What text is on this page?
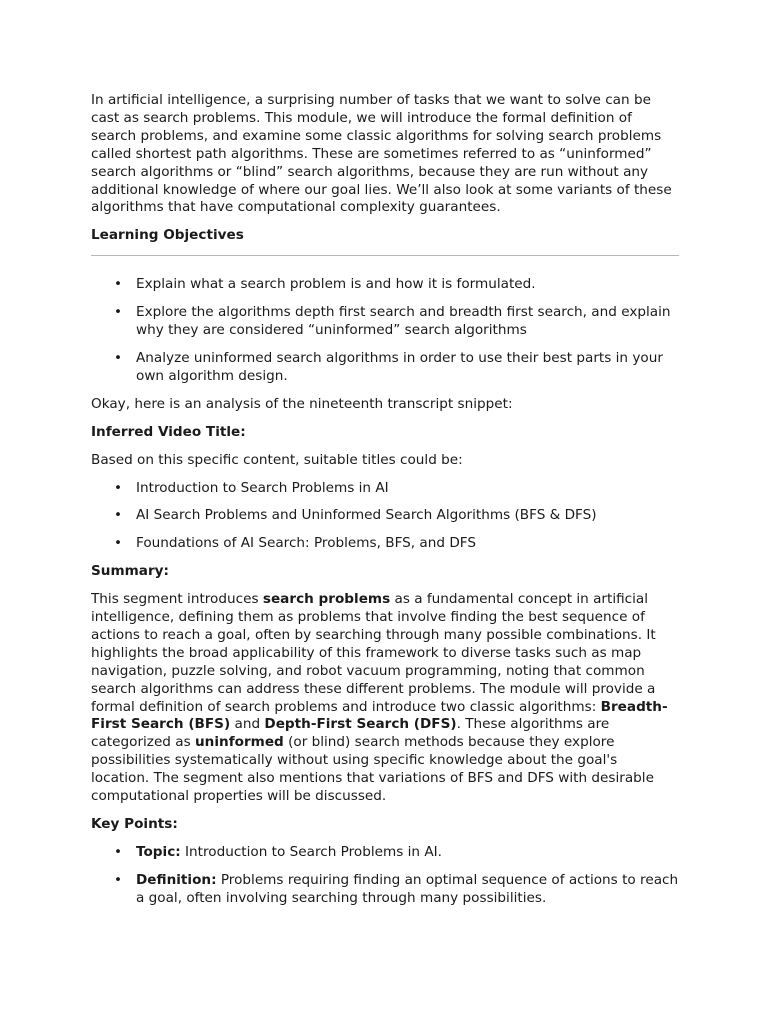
In artificial intelligence, a surprising number of tasks that we want to solve can be cast as search problems. This module, we will introduce the formal definition of search problems, and examine some classic algorithms for solving search problems called shortest path algorithms. These are sometimes referred to as “uninformed” search algorithms or “blind” search algorithms, because they are run without any additional knowledge of where our goal lies. We’ll also look at some variants of these algorithms that have computational complexity guarantees.

Learning Objectives
• Explain what a search problem is and how it is formulated.
• Explore the algorithms depth first search and breadth first search, and explain why they are considered “uninformed” search algorithms
• Analyze uninformed search algorithms in order to use their best parts in your own algorithm design.

Okay, here is an analysis of the nineteenth transcript snippet:

Inferred Video Title:

Based on this specific content, suitable titles could be:

• Introduction to Search Problems in AI
• AI Search Problems and Uninformed Search Algorithms (BFS & DFS)
• Foundations of AI Search: Problems, BFS, and DFS
Summary:

This segment introduces search problems as a fundamental concept in artificial intelligence, defining them as problems that involve finding the best sequence of actions to reach a goal, often by searching through many possible combinations. It highlights the broad applicability of this framework to diverse tasks such as map navigation, puzzle solving, and robot vacuum programming, noting that common search algorithms can address these different problems. The module will provide a formal definition of search problems and introduce two classic algorithms: Breadth-First Search (BFS) and Depth-First Search (DFS). These algorithms are categorized as uninformed (or blind) search methods because they explore possibilities systematically without using specific knowledge about the goal's location. The segment also mentions that variations of BFS and DFS with desirable computational properties will be discussed.

Key Points:
• Topic: Introduction to Search Problems in AI.
• Definition: Problems requiring finding an optimal sequence of actions to reach a goal, often involving searching through many possibilities.
